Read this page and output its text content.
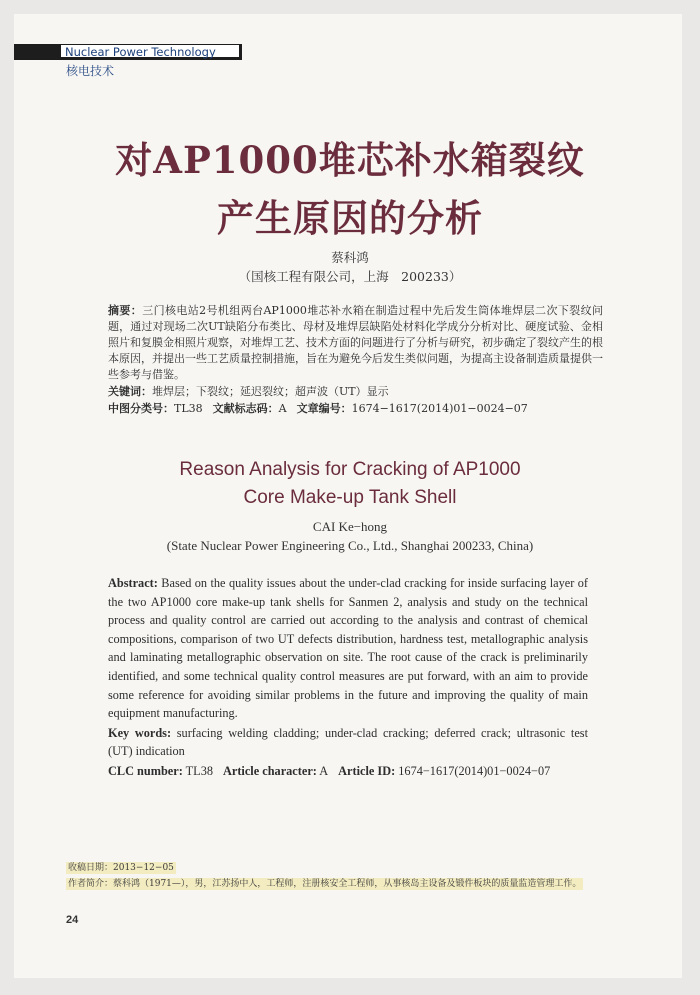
Nuclear Power Technology
核电技术
对AP1000堆芯补水箱裂纹
产生原因的分析
蔡科鸿
（国核工程有限公司，上海　200233）
摘要：三门核电站2号机组两台AP1000堆芯补水箱在制造过程中先后发生筒体堆焊层二次下裂纹问题，通过对现场二次UT缺陷分布类比、母材及堆焊层缺陷处材料化学成分分析对比、硬度试验、金相照片和复膜金相照片观察，对堆焊工艺、技术方面的问题进行了分析与研究，初步确定了裂纹产生的根本原因，并提出一些工艺质量控制措施，旨在为避免今后发生类似问题，为提高主设备制造质量提供一些参考与借鉴。
关键词：堆焊层；下裂纹；延迟裂纹；超声波（UT）显示
中图分类号：TL38 文献标志码：A 文章编号：1674−1617(2014)01−0024−07
Reason Analysis for Cracking of AP1000
Core Make-up Tank Shell
CAI Ke−hong
(State Nuclear Power Engineering Co., Ltd., Shanghai 200233, China)
Abstract: Based on the quality issues about the under-clad cracking for inside surfacing layer of the two AP1000 core make-up tank shells for Sanmen 2, analysis and study on the technical process and quality control are carried out according to the analysis and contrast of chemical compositions, comparison of two UT defects distribution, hardness test, metallographic analysis and laminating metallographic observation on site. The root cause of the crack is preliminarily identified, and some technical quality control measures are put forward, with an aim to provide some reference for avoiding similar problems in the future and improving the quality of main equipment manufacturing.
Key words: surfacing welding cladding; under-clad cracking; deferred crack; ultrasonic test (UT) indication
CLC number: TL38 Article character: A Article ID: 1674−1617(2014)01−0024−07
收稿日期：2013−12−05
作者简介：蔡科鸿（1971—），男，江苏扬中人，工程师，注册核安全工程师，从事核岛主设备及锻件板块的质量监造管理工作。
24
